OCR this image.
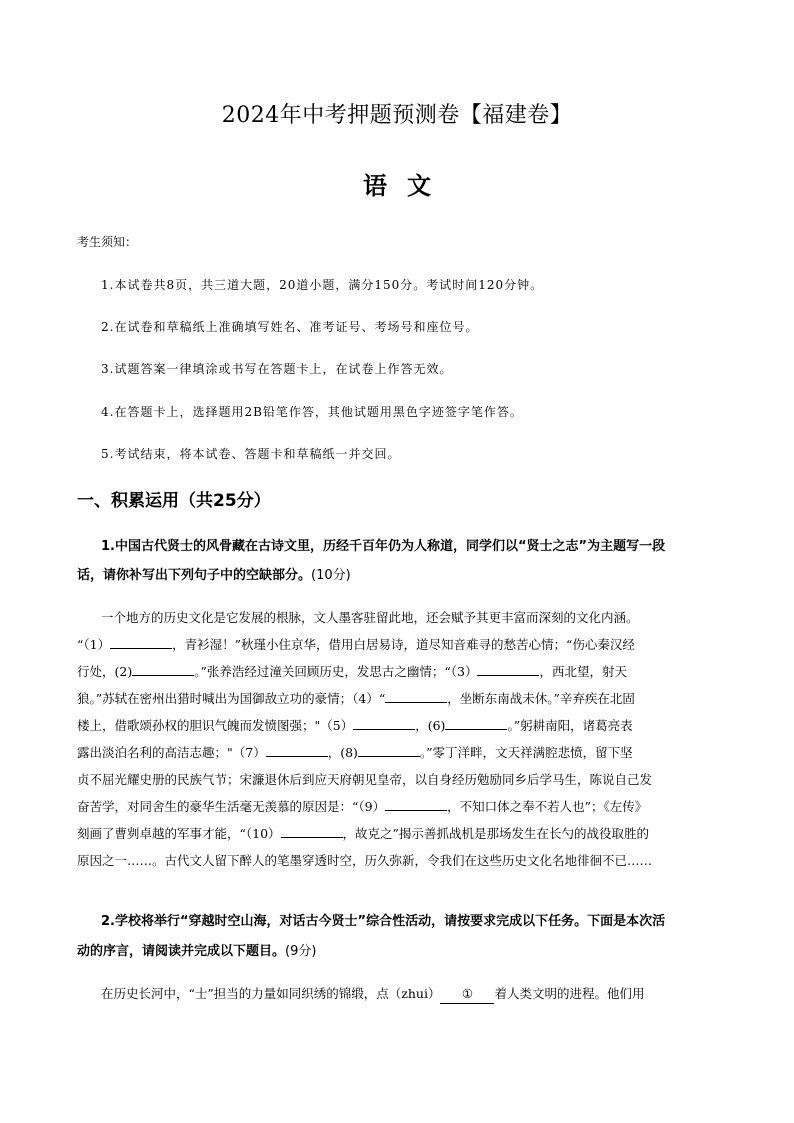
2024年中考押题预测卷【福建卷】
语 文
考生须知：
1.本试卷共8页，共三道大题，20道小题，满分150分。考试时间120分钟。
2.在试卷和草稿纸上准确填写姓名、准考证号、考场号和座位号。
3.试题答案一律填涂或书写在答题卡上，在试卷上作答无效。
4.在答题卡上，选择题用2B铅笔作答，其他试题用黑色字迹签字笔作答。
5.考试结束，将本试卷、答题卡和草稿纸一并交回。
一、积累运用（共25分）
1.中国古代贤士的风骨藏在古诗文里，历经千百年仍为人称道，同学们以“贤士之志”为主题写一段
话，请你补写出下列句子中的空缺部分。(10分)
一个地方的历史文化是它发展的根脉，文人墨客驻留此地，还会赋予其更丰富而深刻的文化内涵。
“（1）	，青衫湿！”秋瑾小住京华，借用白居易诗，道尽知音难寻的愁苦心情；“伤心秦汉经
行处，(2)	。”张养浩经过潼关回顾历史，发思古之幽情；“（3）	，西北望，射天
狼。”苏轼在密州出猎时喊出为国御敌立功的豪情；（4）“	，坐断东南战未休。”辛弃疾在北固
楼上，借歌颂孙权的胆识气魄而发愤图强；"（5）	，(6)	。”躬耕南阳，诸葛亮表
露出淡泊名利的高洁志趣；"（7）	，(8)	。”零丁洋畔，文天祥满腔悲愤，留下坚
贞不屈光耀史册的民族气节；宋濂退休后到应天府朝见皇帝，以自身经历勉励同乡后学马生，陈说自己发
奋苦学，对同舍生的豪华生活毫无羡慕的原因是：“（9）	，不知口体之奉不若人也”；《左传》
刻画了曹刿卓越的军事才能，“（10）	，故克之”揭示善抓战机是那场发生在长勺的战役取胜的
原因之一……。古代文人留下醉人的笔墨穿透时空，历久弥新，令我们在这些历史文化名地徘徊不已……
2.学校将举行“穿越时空山海，对话古今贤士”综合性活动，请按要求完成以下任务。下面是本次活
动的序言，请阅读并完成以下题目。(9分)
在历史长河中，“士”担当的力量如同织绣的锦缎，点（zhui） ① 着人类文明的进程。他们用
